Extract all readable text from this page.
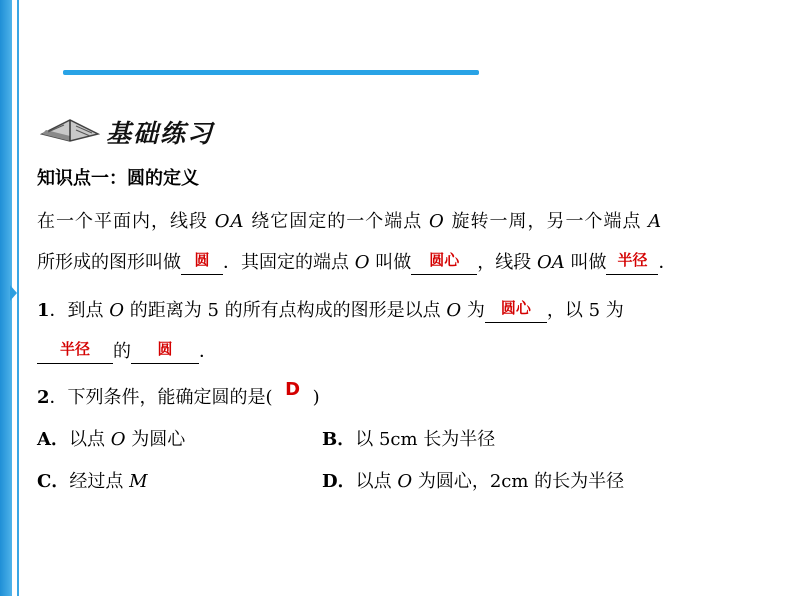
基础练习
知识点一：圆的定义
在一个平面内，线段 OA 绕它固定的一个端点 O 旋转一周，另一个端点 A
所形成的图形叫做 $^圆$ ．其固定的端点 O 叫做 $^{圆心}$ ，线段 OA 叫做 $^{半径}$ ．
1．到点 O 的距离为 5 的所有点构成的图形是以点 O 为 $^{圆心}$ ，以 5 为
$^{半径}$ 的 $^圆$ ．
2．下列条件，能确定圆的是( D )
A．以点 O 为圆心	B．以 5cm 长为半径
C．经过点 M	D．以点 O 为圆心，2cm 的长为半径
